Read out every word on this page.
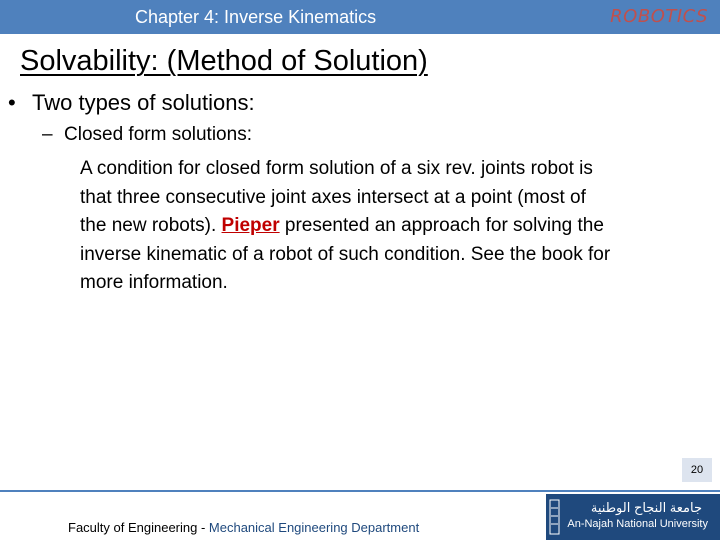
Chapter 4: Inverse Kinematics	ROBOTICS
Solvability: (Method of Solution)
• Two types of solutions:
– Closed form solutions:
A condition for closed form solution of a six rev. joints robot is
that three consecutive joint axes intersect at a point (most of
the new robots). Pieper presented an approach for solving the
inverse kinematic of a robot of such condition. See the book for
more information.
20
Faculty of Engineering - Mechanical Engineering Department
جامعة النجاح الوطنية
An-Najah National University
